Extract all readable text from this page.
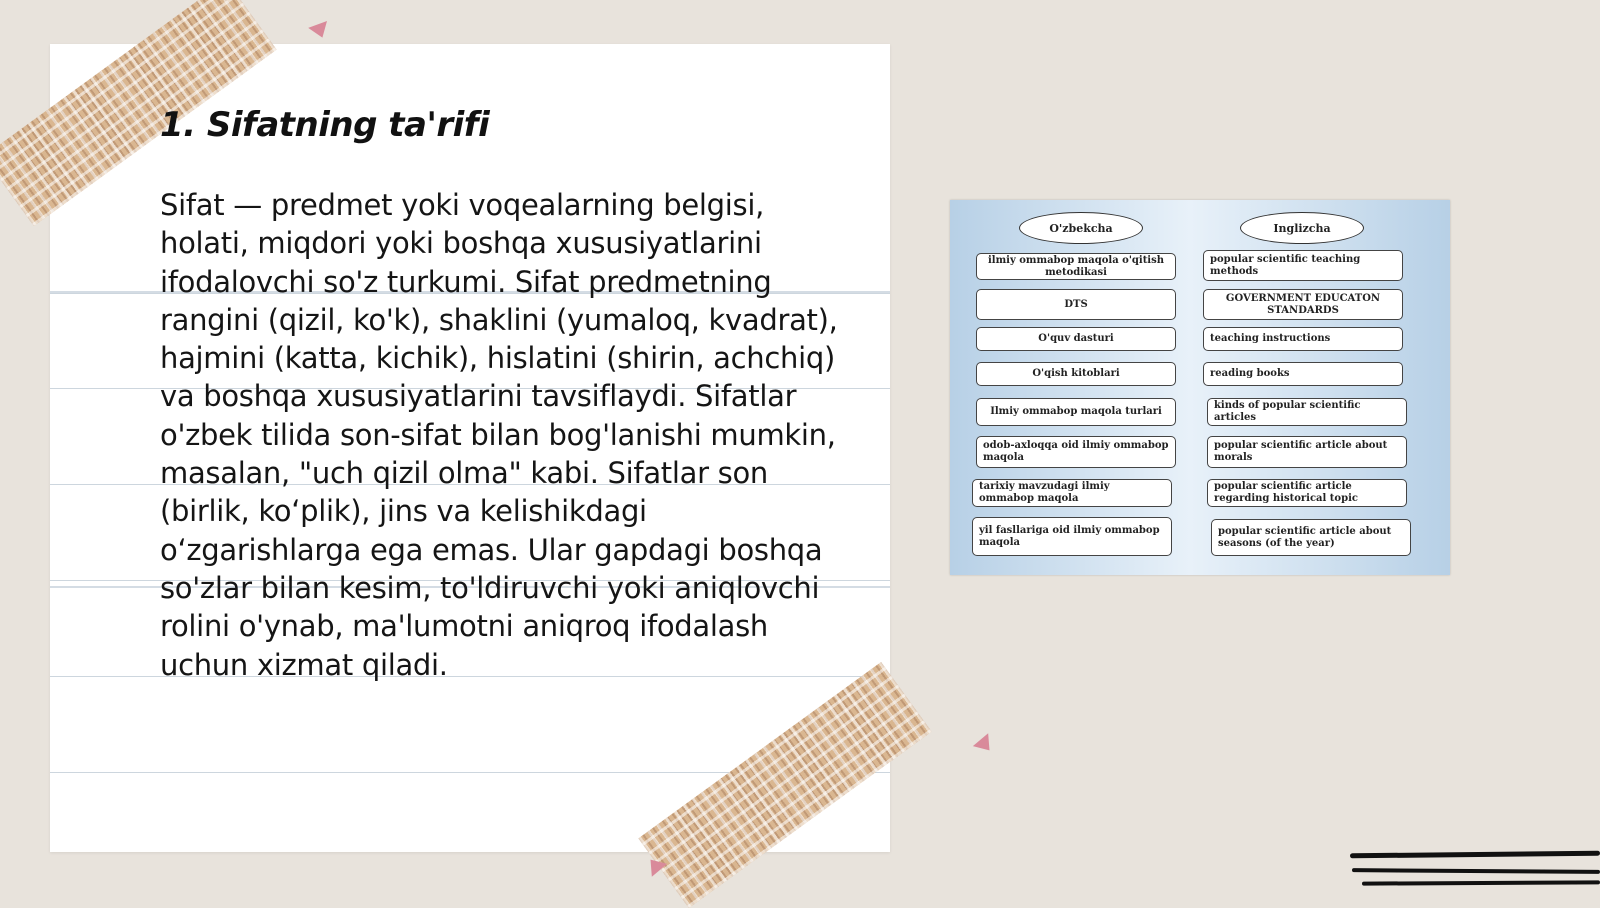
1. Sifatning ta'rifi

Sifat — predmet yoki voqealarning belgisi, holati, miqdori yoki boshqa xususiyatlarini ifodalovchi so'z turkumi. Sifat predmetning rangini (qizil, ko'k), shaklini (yumaloq, kvadrat), hajmini (katta, kichik), hislatini (shirin, achchiq) va boshqa xususiyatlarini tavsiflaydi. Sifatlar o'zbek tilida son-sifat bilan bog'lanishi mumkin, masalan, "uch qizil olma" kabi. Sifatlar son (birlik, koʻplik), jins va kelishikdagi oʻzgarishlarga ega emas. Ular gapdagi boshqa so'zlar bilan kesim, to'ldiruvchi yoki aniqlovchi rolini o'ynab, ma'lumotni aniqroq ifodalash uchun xizmat qiladi.

O'zbekcha	Inglizcha
ilmiy ommabop maqola o'qitish metodikasi
DTS
O'quv dasturi
O'qish kitoblari
Ilmiy ommabop maqola turlari
odob-axloqqa oid ilmiy ommabop maqola
tarixiy mavzudagi ilmiy ommabop maqola
yil fasllariga oid ilmiy ommabop maqola
popular scientific teaching methods
GOVERNMENT EDUCATON STANDARDS
teaching instructions
reading books
kinds of popular scientific articles
popular scientific article about morals
popular scientific article regarding historical topic
popular scientific article about seasons (of the year)
